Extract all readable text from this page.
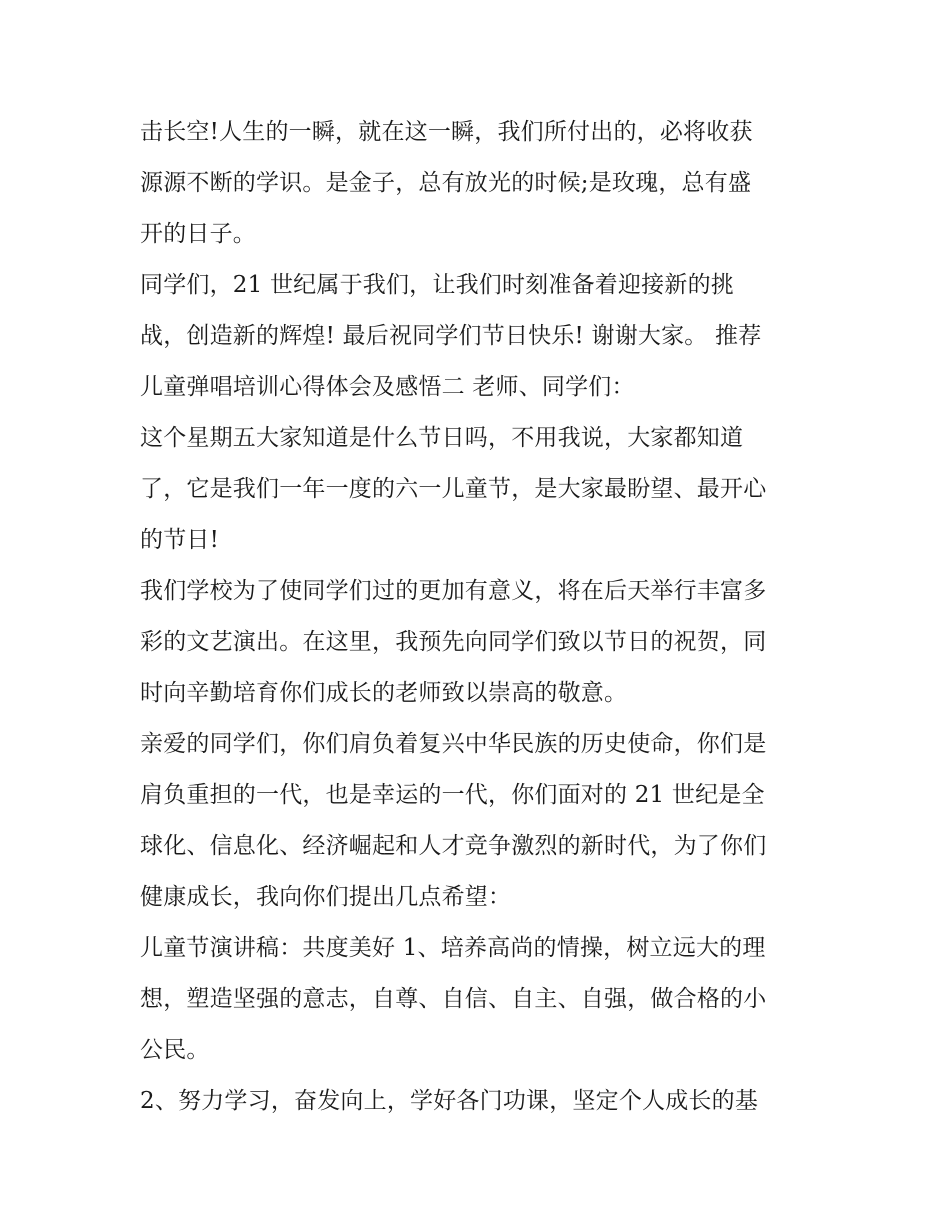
击长空!人生的一瞬，就在这一瞬，我们所付出的，必将收获
源源不断的学识。是金子，总有放光的时候;是玫瑰，总有盛
开的日子。
同学们，21 世纪属于我们，让我们时刻准备着迎接新的挑
战，创造新的辉煌! 最后祝同学们节日快乐! 谢谢大家。 推荐
儿童弹唱培训心得体会及感悟二 老师、同学们：
这个星期五大家知道是什么节日吗，不用我说，大家都知道
了，它是我们一年一度的六一儿童节，是大家最盼望、最开心
的节日!
我们学校为了使同学们过的更加有意义，将在后天举行丰富多
彩的文艺演出。在这里，我预先向同学们致以节日的祝贺，同
时向辛勤培育你们成长的老师致以崇高的敬意。
亲爱的同学们，你们肩负着复兴中华民族的历史使命，你们是
肩负重担的一代，也是幸运的一代，你们面对的 21 世纪是全
球化、信息化、经济崛起和人才竞争激烈的新时代，为了你们
健康成长，我向你们提出几点希望：
儿童节演讲稿：共度美好 1、培养高尚的情操，树立远大的理
想，塑造坚强的意志，自尊、自信、自主、自强，做合格的小
公民。
2、努力学习，奋发向上，学好各门功课，坚定个人成长的基
